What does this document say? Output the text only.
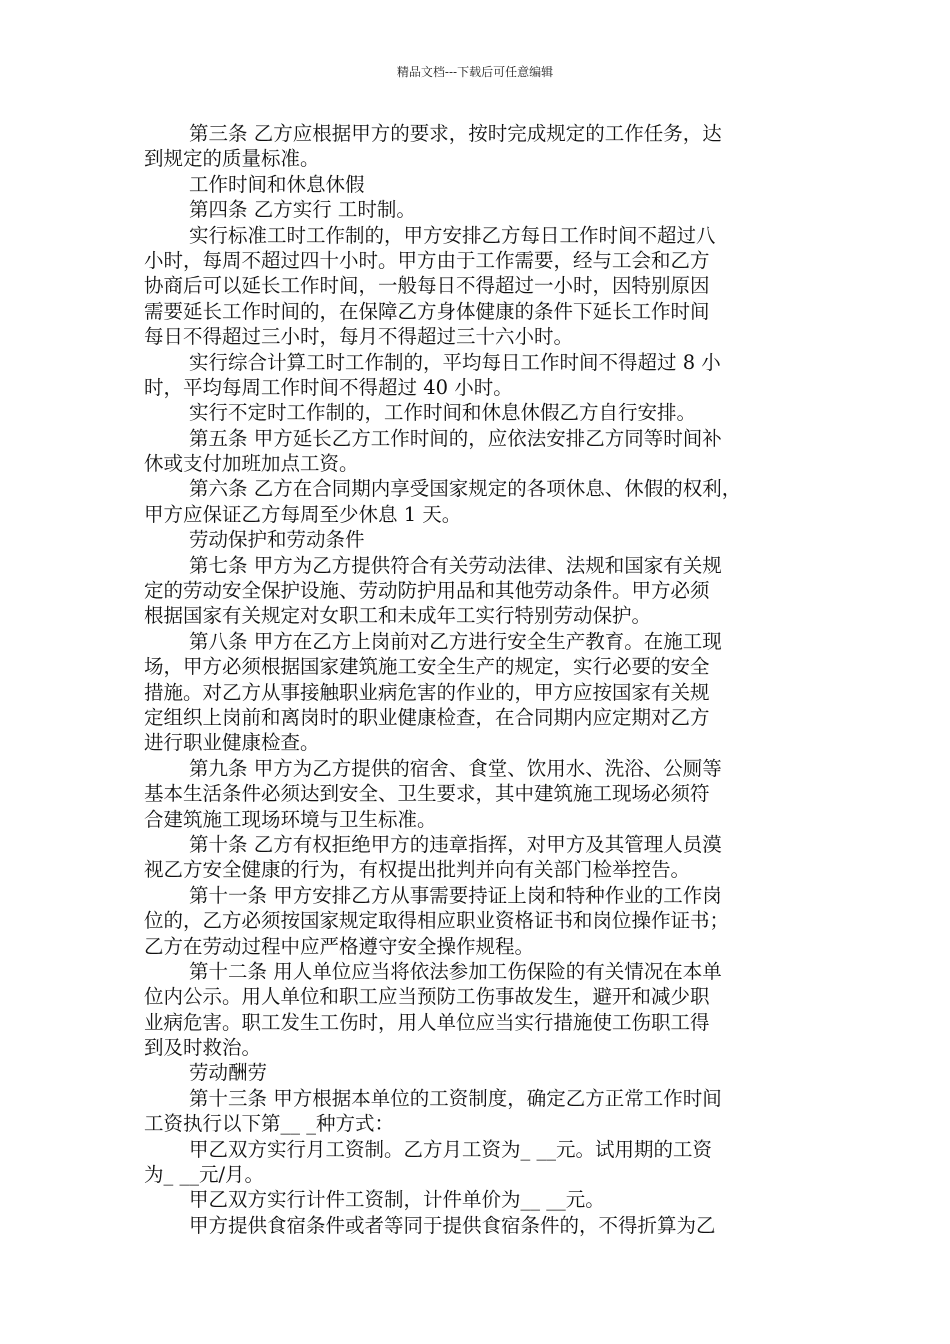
精品文档---下载后可任意编辑
第三条 乙方应根据甲方的要求，按时完成规定的工作任务，达
到规定的质量标准。
工作时间和休息休假
第四条 乙方实行 工时制。
实行标准工时工作制的，甲方安排乙方每日工作时间不超过八
小时，每周不超过四十小时。甲方由于工作需要，经与工会和乙方
协商后可以延长工作时间，一般每日不得超过一小时，因特别原因
需要延长工作时间的，在保障乙方身体健康的条件下延长工作时间
每日不得超过三小时，每月不得超过三十六小时。
实行综合计算工时工作制的，平均每日工作时间不得超过 8 小
时，平均每周工作时间不得超过 40 小时。
实行不定时工作制的，工作时间和休息休假乙方自行安排。
第五条 甲方延长乙方工作时间的，应依法安排乙方同等时间补
休或支付加班加点工资。
第六条 乙方在合同期内享受国家规定的各项休息、休假的权利，
甲方应保证乙方每周至少休息 1 天。
劳动保护和劳动条件
第七条 甲方为乙方提供符合有关劳动法律、法规和国家有关规
定的劳动安全保护设施、劳动防护用品和其他劳动条件。甲方必须
根据国家有关规定对女职工和未成年工实行特别劳动保护。
第八条 甲方在乙方上岗前对乙方进行安全生产教育。在施工现
场，甲方必须根据国家建筑施工安全生产的规定，实行必要的安全
措施。对乙方从事接触职业病危害的作业的，甲方应按国家有关规
定组织上岗前和离岗时的职业健康检查，在合同期内应定期对乙方
进行职业健康检查。
第九条 甲方为乙方提供的宿舍、食堂、饮用水、洗浴、公厕等
基本生活条件必须达到安全、卫生要求，其中建筑施工现场必须符
合建筑施工现场环境与卫生标准。
第十条 乙方有权拒绝甲方的违章指挥，对甲方及其管理人员漠
视乙方安全健康的行为，有权提出批判并向有关部门检举控告。
第十一条 甲方安排乙方从事需要持证上岗和特种作业的工作岗
位的，乙方必须按国家规定取得相应职业资格证书和岗位操作证书；
乙方在劳动过程中应严格遵守安全操作规程。
第十二条 用人单位应当将依法参加工伤保险的有关情况在本单
位内公示。用人单位和职工应当预防工伤事故发生，避开和减少职
业病危害。职工发生工伤时，用人单位应当实行措施使工伤职工得
到及时救治。
劳动酬劳
第十三条 甲方根据本单位的工资制度，确定乙方正常工作时间
工资执行以下第__ _种方式：
甲乙双方实行月工资制。乙方月工资为_ __元。试用期的工资
为_ __元/月。
甲乙双方实行计件工资制，计件单价为__ __元。
甲方提供食宿条件或者等同于提供食宿条件的，不得折算为乙
